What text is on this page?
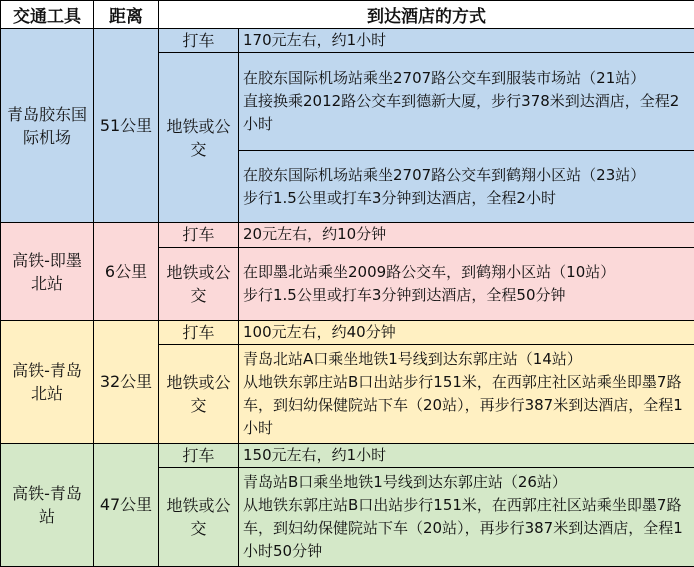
交通工具	距离	到达酒店的方式	
青岛胶东国际机场	51公里	打车	170元左右，约1小时
		地铁或公交	在胶东国际机场站乘坐2707路公交车到服装市场站（21站）
直接换乘2012路公交车到德新大厦，步行378米到达酒店，全程2小时

			在胶东国际机场站乘坐2707路公交车到鹤翔小区站（23站）
步行1.5公里或打车3分钟到达酒店，全程2小时

高铁-即墨北站	6公里	打车	20元左右，约10分钟
		地铁或公交	在即墨北站乘坐2009路公交车，到鹤翔小区站（10站）
步行1.5公里或打车3分钟到达酒店，全程50分钟

高铁-青岛北站	32公里	打车	100元左右，约40分钟
		地铁或公交	青岛北站A口乘坐地铁1号线到达东郭庄站（14站）
从地铁东郭庄站B口出站步行151米，在西郭庄社区站乘坐即墨7路车，到妇幼保健院站下车（20站），再步行387米到达酒店，全程1小时

高铁-青岛站	47公里	打车	150元左右，约1小时
		地铁或公交	青岛站B口乘坐地铁1号线到达东郭庄站（26站）
从地铁东郭庄站B口出站步行151米，在西郭庄社区站乘坐即墨7路车，到妇幼保健院站下车（20站），再步行387米到达酒店，全程1小时50分钟
